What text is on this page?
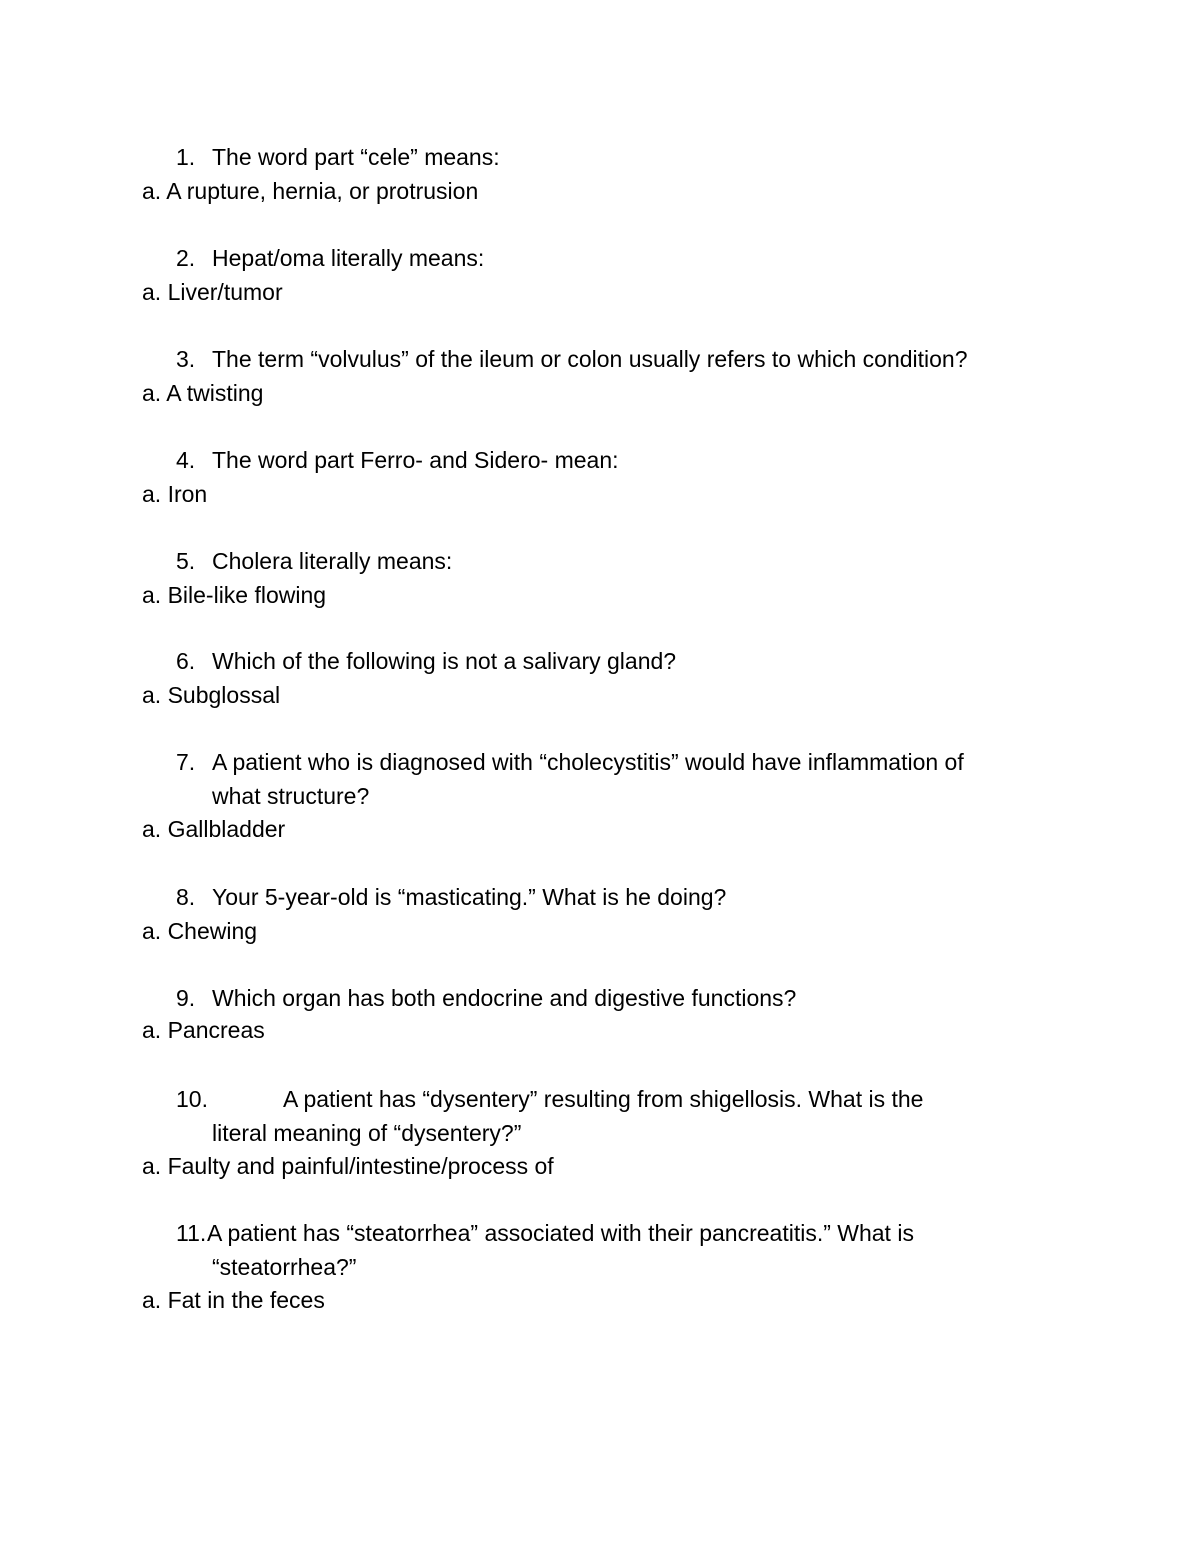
1. The word part “cele” means:
a. A rupture, hernia, or protrusion
2. Hepat/oma literally means:
a. Liver/tumor
3. The term “volvulus” of the ileum or colon usually refers to which condition?
a. A twisting
4. The word part Ferro- and Sidero- mean:
a. Iron
5. Cholera literally means:
a. Bile-like flowing
6. Which of the following is not a salivary gland?
a. Subglossal
7. A patient who is diagnosed with “cholecystitis” would have inflammation of
what structure?
a. Gallbladder
8. Your 5-year-old is “masticating.” What is he doing?
a. Chewing
9. Which organ has both endocrine and digestive functions?
a. Pancreas
10.	A patient has “dysentery” resulting from shigellosis. What is the
literal meaning of “dysentery?”
a. Faulty and painful/intestine/process of
11. A patient has “steatorrhea” associated with their pancreatitis.” What is
“steatorrhea?”
a. Fat in the feces
